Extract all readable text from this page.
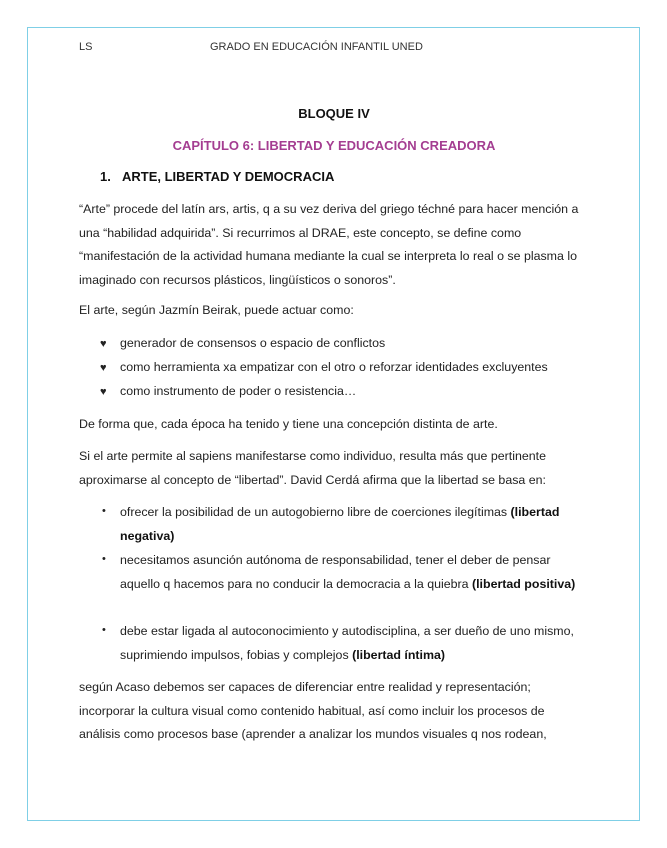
LS	GRADO EN EDUCACIÓN INFANTIL UNED
BLOQUE IV
CAPÍTULO 6: LIBERTAD Y EDUCACIÓN CREADORA
1. ARTE, LIBERTAD Y DEMOCRACIA

“Arte” procede del latín ars, artis, q a su vez deriva del griego téchné para hacer mención a una “habilidad adquirida”. Si recurrimos al DRAE, este concepto, se define como “manifestación de la actividad humana mediante la cual se interpreta lo real o se plasma lo imaginado con recursos plásticos, lingüísticos o sonoros”.

El arte, según Jazmín Beirak, puede actuar como:

♥ generador de consensos o espacio de conflictos
♥ como herramienta xa empatizar con el otro o reforzar identidades excluyentes
♥ como instrumento de poder o resistencia…

De forma que, cada época ha tenido y tiene una concepción distinta de arte.

Si el arte permite al sapiens manifestarse como individuo, resulta más que pertinente aproximarse al concepto de “libertad”. David Cerdá afirma que la libertad se basa en:

• ofrecer la posibilidad de un autogobierno libre de coerciones ilegítimas (libertad negativa)
• necesitamos asunción autónoma de responsabilidad, tener el deber de pensar aquello q hacemos para no conducir la democracia a la quiebra (libertad positiva)
• debe estar ligada al autoconocimiento y autodisciplina, a ser dueño de uno mismo, suprimiendo impulsos, fobias y complejos (libertad íntima)

según Acaso debemos ser capaces de diferenciar entre realidad y representación; incorporar la cultura visual como contenido habitual, así como incluir los procesos de análisis como procesos base (aprender a analizar los mundos visuales q nos rodean,
